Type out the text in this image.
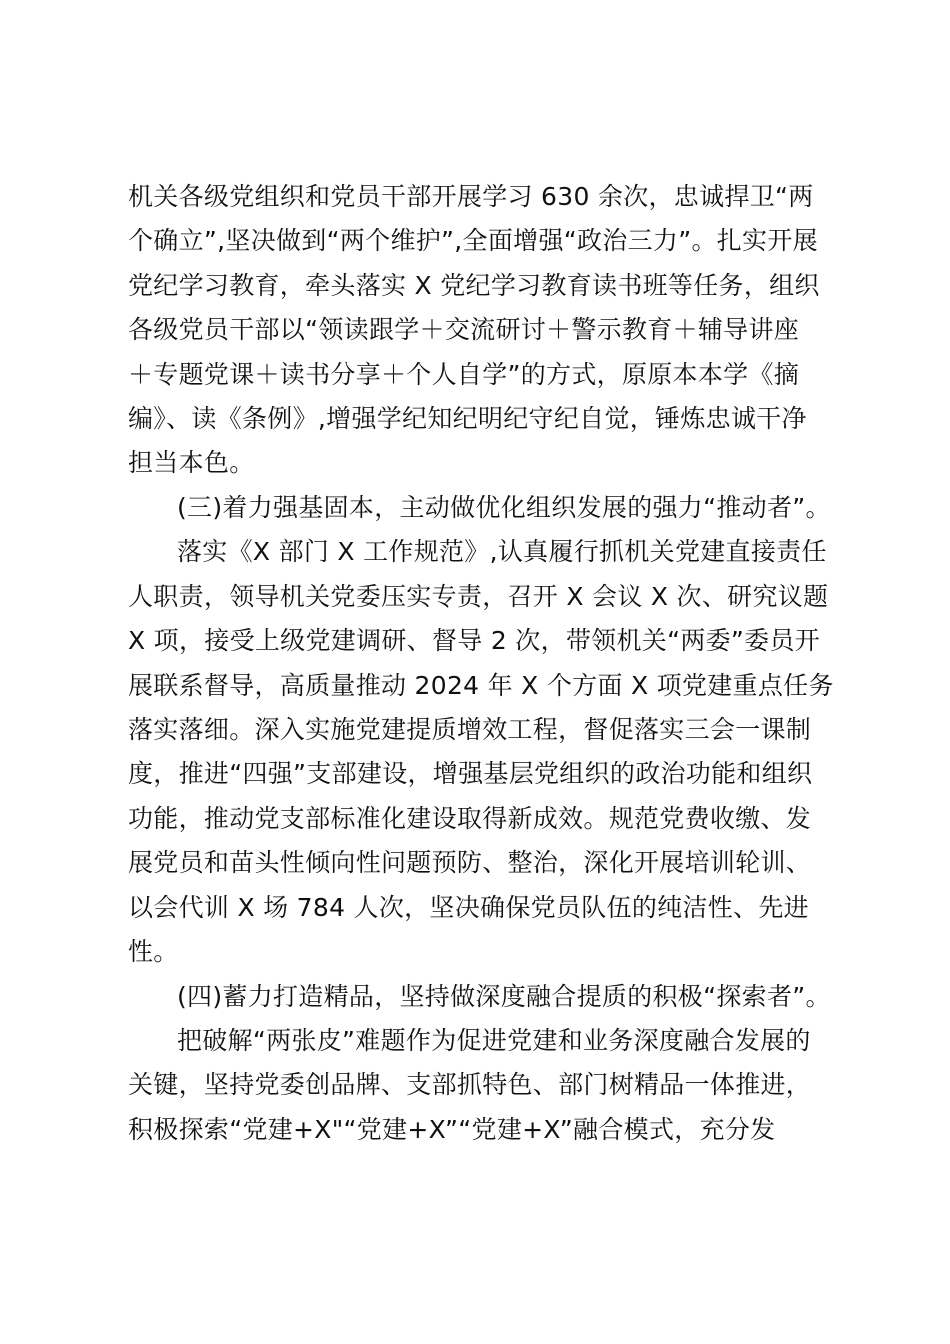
机关各级党组织和党员干部开展学习 630 余次，忠诚捍卫“两
个确立”,坚决做到“两个维护”,全面增强“政治三力”。扎实开展
党纪学习教育，牵头落实 X 党纪学习教育读书班等任务，组织
各级党员干部以“领读跟学＋交流研讨＋警示教育＋辅导讲座
＋专题党课＋读书分享＋个人自学”的方式，原原本本学《摘
编》、读《条例》,增强学纪知纪明纪守纪自觉，锤炼忠诚干净
担当本色。
(三)着力强基固本，主动做优化组织发展的强力“推动者”。
落实《X 部门 X 工作规范》,认真履行抓机关党建直接责任
人职责，领导机关党委压实专责，召开 X 会议 X 次、研究议题
X 项，接受上级党建调研、督导 2 次，带领机关“两委”委员开
展联系督导，高质量推动 2024 年 X 个方面 X 项党建重点任务
落实落细。深入实施党建提质增效工程，督促落实三会一课制
度，推进“四强”支部建设，增强基层党组织的政治功能和组织
功能，推动党支部标准化建设取得新成效。规范党费收缴、发
展党员和苗头性倾向性问题预防、整治，深化开展培训轮训、
以会代训 X 场 784 人次，坚决确保党员队伍的纯洁性、先进
性。
(四)蓄力打造精品，坚持做深度融合提质的积极“探索者”。
把破解“两张皮”难题作为促进党建和业务深度融合发展的
关键，坚持党委创品牌、支部抓特色、部门树精品一体推进，
积极探索“党建+X"“党建+X”“党建+X”融合模式，充分发
